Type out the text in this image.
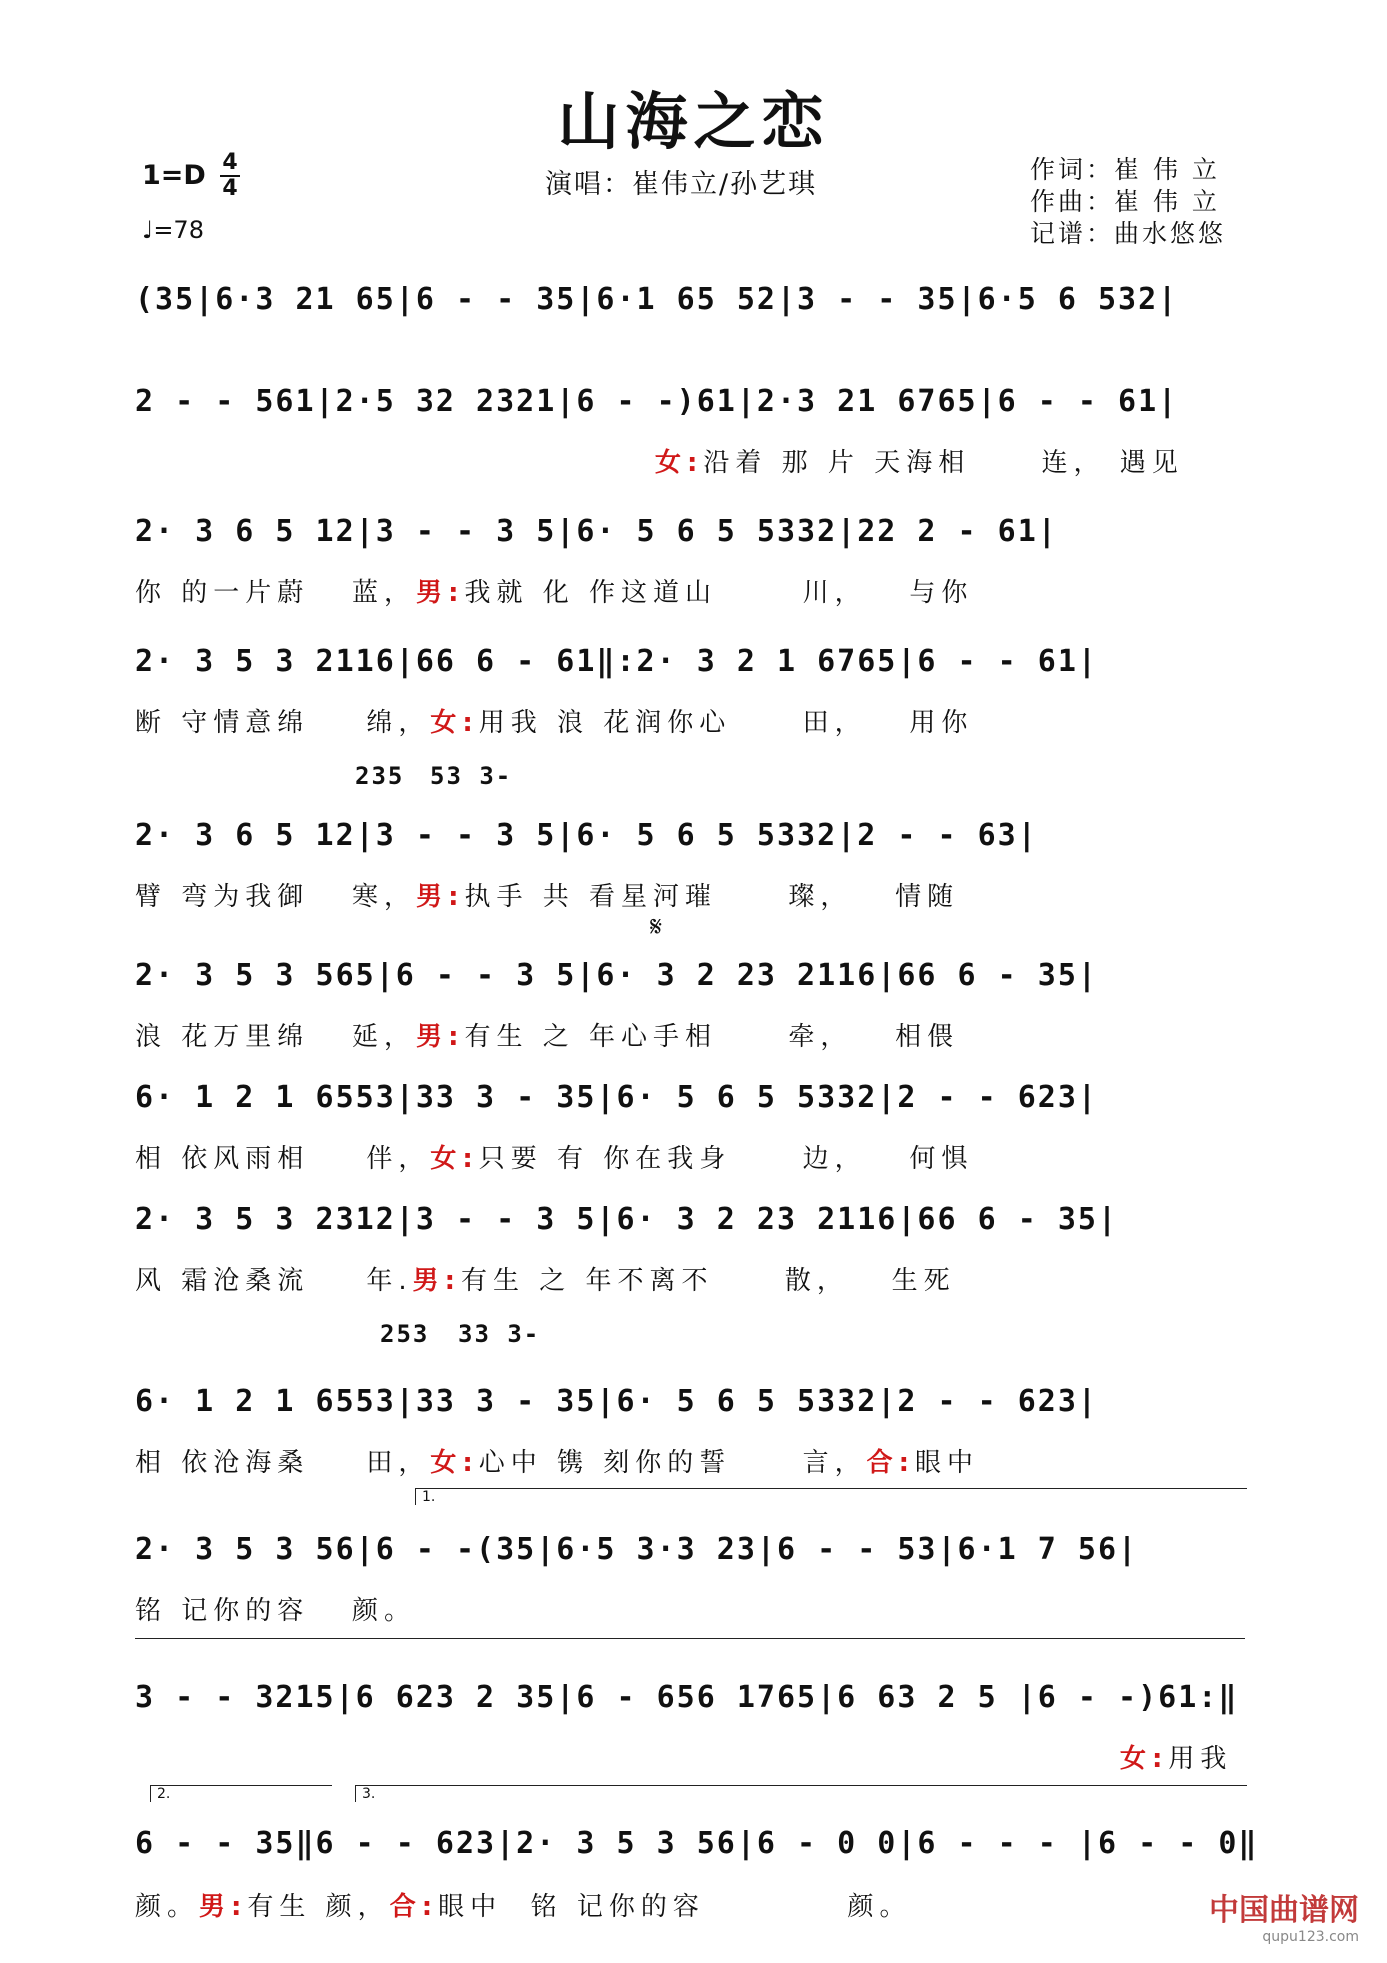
山海之恋
1=D 4
4
♩=78
演唱：崔伟立/孙艺琪	作词：崔 伟 立
作曲：崔 伟 立
记谱：曲水悠悠
(35|6·3 21 65|6 - - 35|6·1 65 52|3 - - 35|6·5 6 532|
2 - - 561|2·5 32 2321|6 - -)61|2·3 21 6765|6 - - 61|
女:沿着 那 片 天海相     连， 遇见
2· 3 6 5 12|3 - - 3 5|6· 5 6 5 5332|22 2 - 61|
你 的一片蔚   蓝，男:我就 化 作这道山      川，   与你
2· 3 5 3 2116|66 6 - 61‖:2· 3 2 1 6765|6 - - 61|
断 守情意绵    绵，女:用我 浪 花润你心     田，   用你
235 53 3-
2· 3 6 5 12|3 - - 3 5|6· 5 6 5 5332|2 - - 63|
臂 弯为我御   寒，男:执手 共 看星河璀     璨，   情随
𝄋
2· 3 5 3 565|6 - - 3 5|6· 3 2 23 2116|66 6 - 35|
浪 花万里绵   延，男:有生 之 年心手相     牵，   相偎
6· 1 2 1 6553|33 3 - 35|6· 5 6 5 5332|2 - - 623|
相 依风雨相    伴，女:只要 有 你在我身     边，   何惧
2· 3 5 3 2312|3 - - 3 5|6· 3 2 23 2116|66 6 - 35|
风 霜沧桑流    年.男:有生 之 年不离不     散，   生死
253 33 3-
6· 1 2 1 6553|33 3 - 35|6· 5 6 5 5332|2 - - 623|
相 依沧海桑    田，女:心中 镌 刻你的誓     言，合:眼中
1.
2· 3 5 3 56|6 - -(35|6·5 3·3 23|6 - - 53|6·1 7 56|
铭 记你的容   颜。
3 - - 3215|6 623 2 35|6 - 656 1765|6 63 2 5 |6 - -)61:‖
女:用我
2.	3.
6 - - 35‖6 - - 623|2· 3 5 3 56|6 - 0 0|6 - - - |6 - - 0‖
颜。男:有生 颜，合:眼中  铭 记你的容          颜。	中国曲谱网
qupu123.com
